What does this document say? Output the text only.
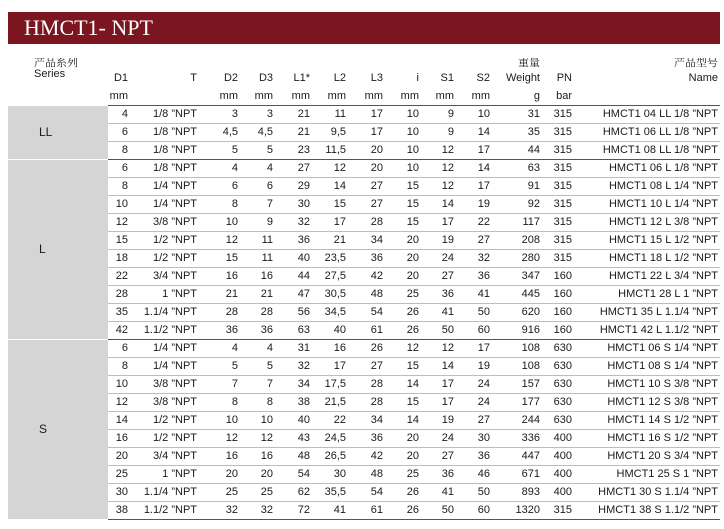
HMCT1- NPT
产品系列
Series											重量		产品型号
	D1	T	D2	D3	L1*	L2	L3	i	S1	S2	Weight	PN	Name
	mm		mm	mm	mm	mm	mm	mm	mm	mm	g	bar	
LL	4	1/8 ”NPT	3	3	21	11	17	10	9	10	31	315	HMCT1 04 LL 1/8 ”NPT
	6	1/8 ”NPT	4,5	4,5	21	9,5	17	10	9	14	35	315	HMCT1 06 LL 1/8 ”NPT
	8	1/8 ”NPT	5	5	23	11,5	20	10	12	17	44	315	HMCT1 08 LL 1/8 ”NPT
L	6	1/8 ”NPT	4	4	27	12	20	10	12	14	63	315	HMCT1 06 L 1/8 ”NPT
	8	1/4 ”NPT	6	6	29	14	27	15	12	17	91	315	HMCT1 08 L 1/4 ”NPT
	10	1/4 ”NPT	8	7	30	15	27	15	14	19	92	315	HMCT1 10 L 1/4 ”NPT
	12	3/8 ”NPT	10	9	32	17	28	15	17	22	117	315	HMCT1 12 L 3/8 ”NPT
	15	1/2 ”NPT	12	11	36	21	34	20	19	27	208	315	HMCT1 15 L 1/2 ”NPT
	18	1/2 ”NPT	15	11	40	23,5	36	20	24	32	280	315	HMCT1 18 L 1/2 ”NPT
	22	3/4 ”NPT	16	16	44	27,5	42	20	27	36	347	160	HMCT1 22 L 3/4 ”NPT
	28	1 ”NPT	21	21	47	30,5	48	25	36	41	445	160	HMCT1 28 L 1 ”NPT
	35	1.1/4 ”NPT	28	28	56	34,5	54	26	41	50	620	160	HMCT1 35 L 1.1/4 ”NPT
	42	1.1/2 ”NPT	36	36	63	40	61	26	50	60	916	160	HMCT1 42 L 1.1/2 ”NPT
S	6	1/4 ”NPT	4	4	31	16	26	12	12	17	108	630	HMCT1 06 S 1/4 ”NPT
	8	1/4 ”NPT	5	5	32	17	27	15	14	19	108	630	HMCT1 08 S 1/4 ”NPT
	10	3/8 ”NPT	7	7	34	17,5	28	14	17	24	157	630	HMCT1 10 S 3/8 ”NPT
	12	3/8 ”NPT	8	8	38	21,5	28	15	17	24	177	630	HMCT1 12 S 3/8 ”NPT
	14	1/2 ”NPT	10	10	40	22	34	14	19	27	244	630	HMCT1 14 S 1/2 ”NPT
	16	1/2 ”NPT	12	12	43	24,5	36	20	24	30	336	400	HMCT1 16 S 1/2 ”NPT
	20	3/4 ”NPT	16	16	48	26,5	42	20	27	36	447	400	HMCT1 20 S 3/4 ”NPT
	25	1 ”NPT	20	20	54	30	48	25	36	46	671	400	HMCT1 25 S 1 ”NPT
	30	1.1/4 ”NPT	25	25	62	35,5	54	26	41	50	893	400	HMCT1 30 S 1.1/4 ”NPT
	38	1.1/2 ”NPT	32	32	72	41	61	26	50	60	1320	315	HMCT1 38 S 1.1/2 ”NPT
